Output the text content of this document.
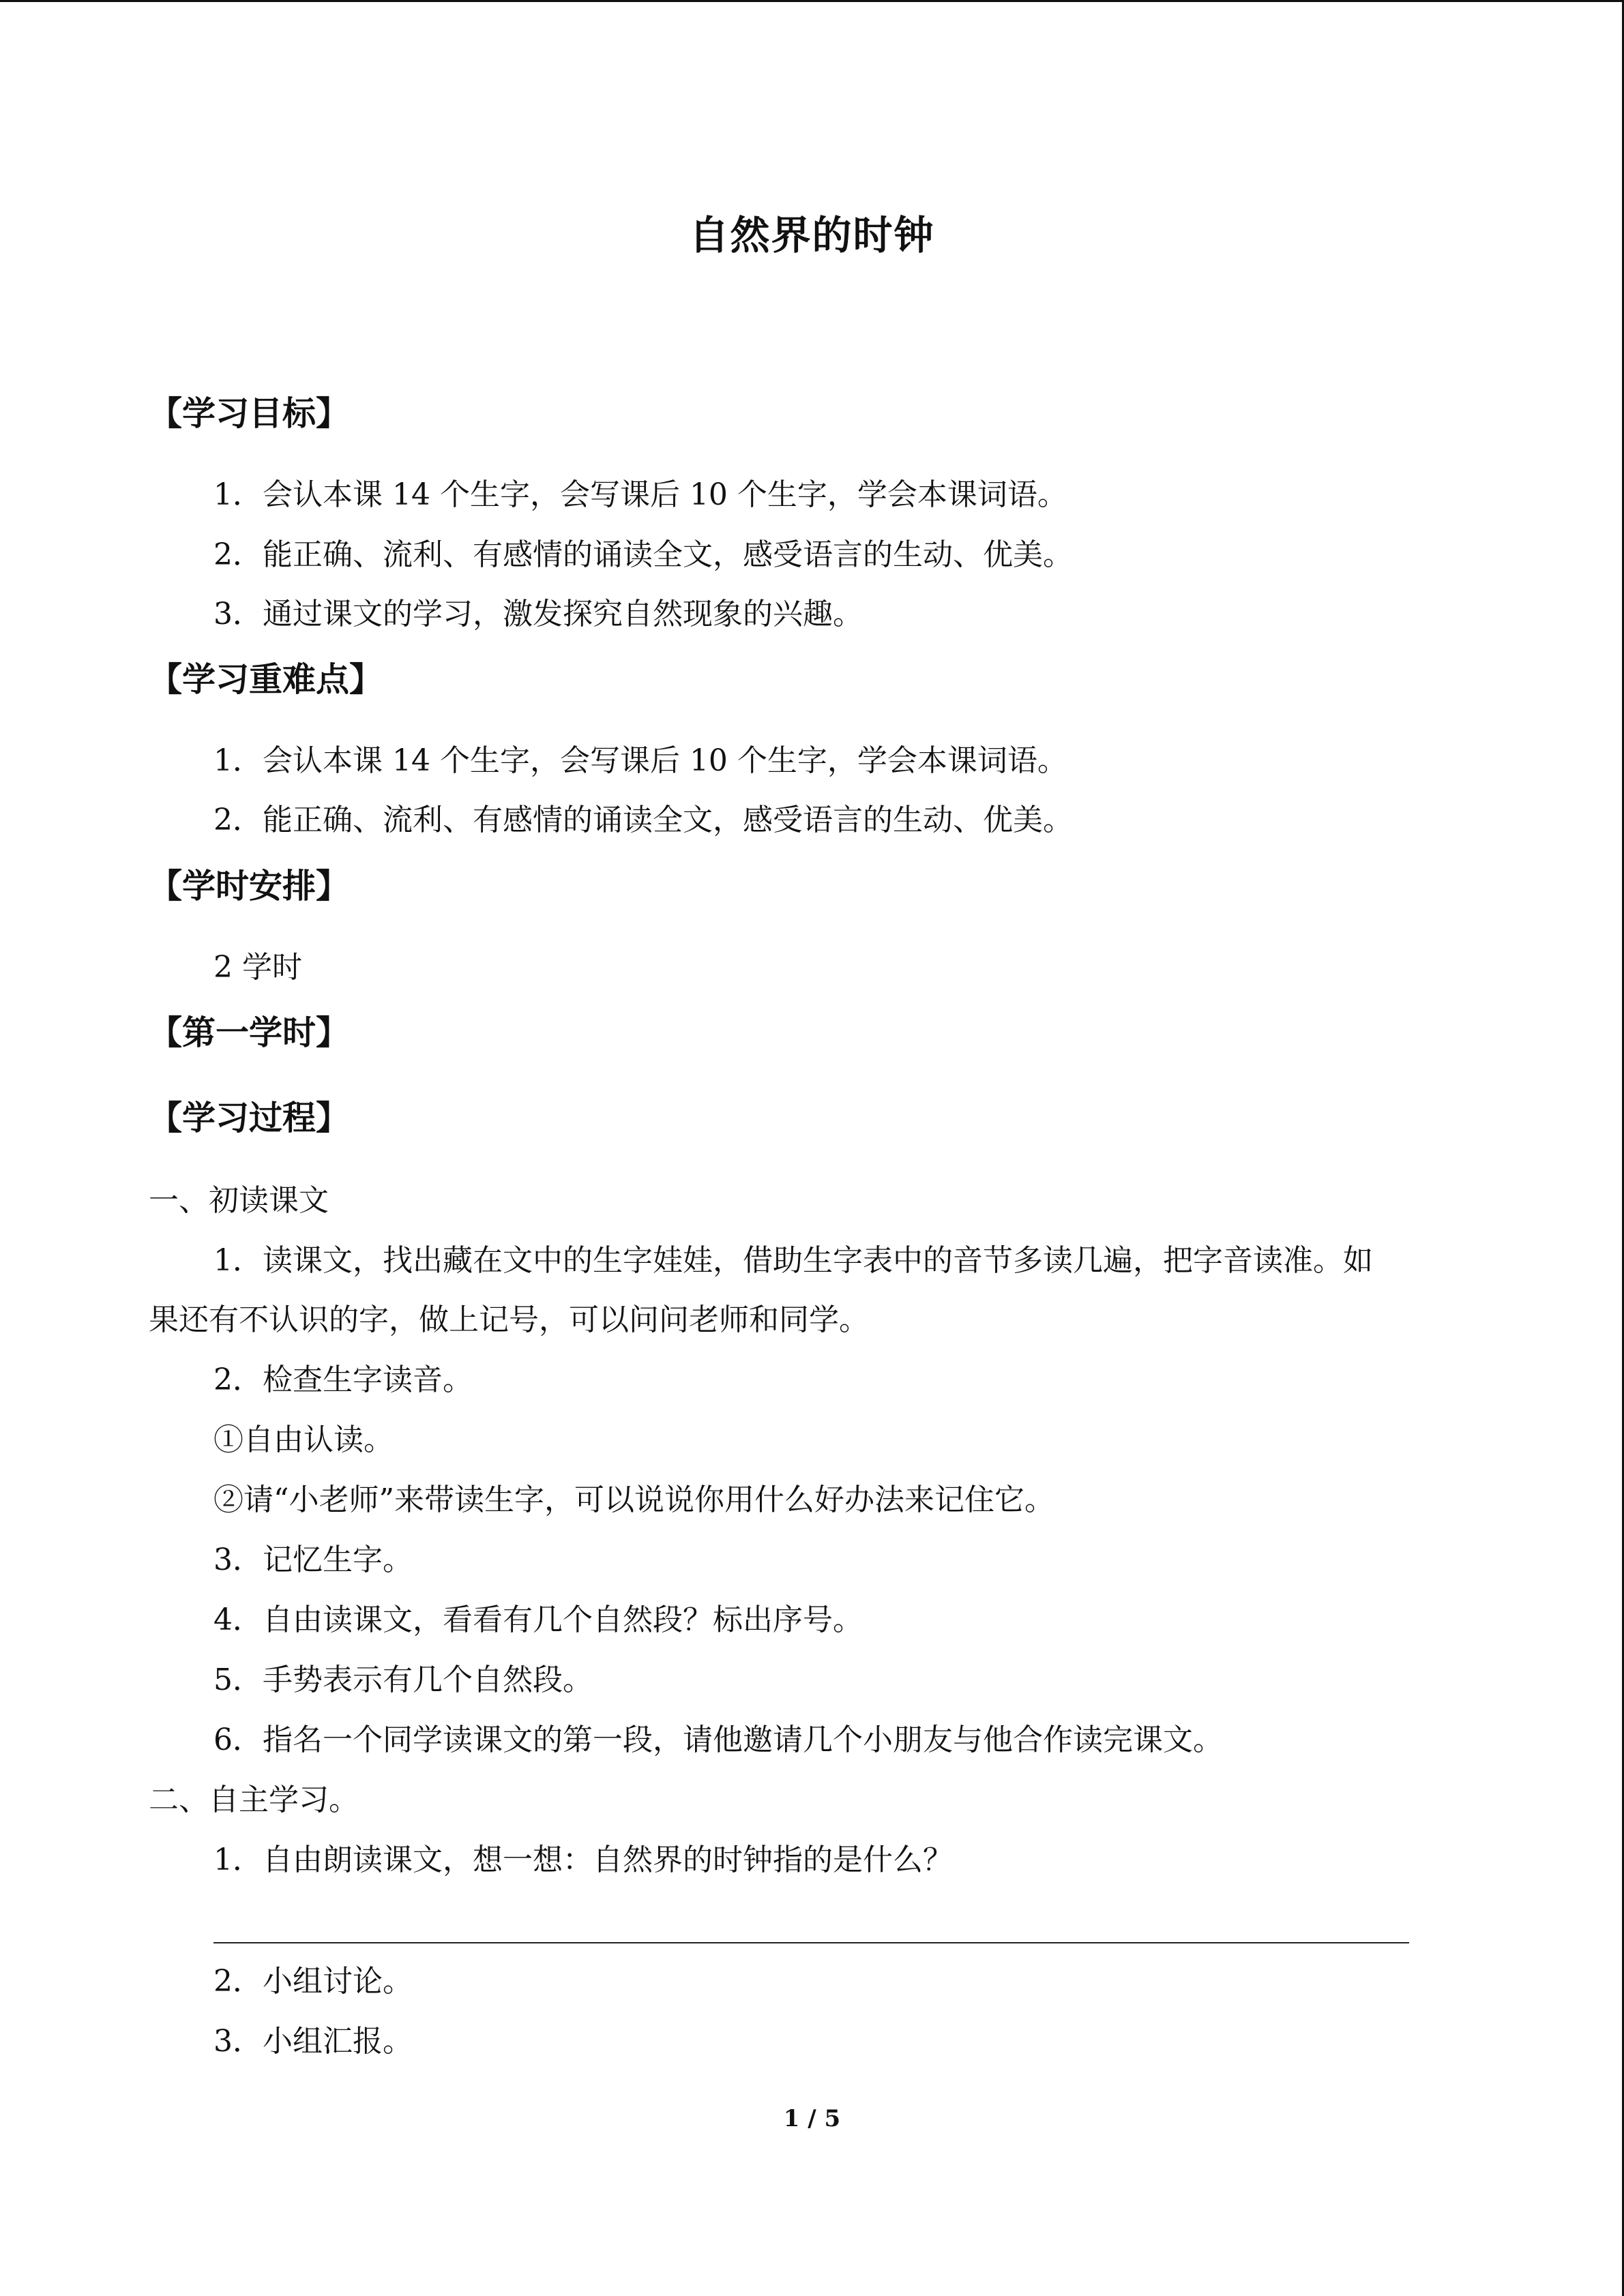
自然界的时钟
【学习目标】
1．会认本课 14 个生字，会写课后 10 个生字，学会本课词语。
2．能正确、流利、有感情的诵读全文，感受语言的生动、优美。
3．通过课文的学习，激发探究自然现象的兴趣。
【学习重难点】
1．会认本课 14 个生字，会写课后 10 个生字，学会本课词语。
2．能正确、流利、有感情的诵读全文，感受语言的生动、优美。
【学时安排】
2 学时
【第一学时】
【学习过程】
一、初读课文
1．读课文，找出藏在文中的生字娃娃，借助生字表中的音节多读几遍，把字音读准。如
果还有不认识的字，做上记号，可以问问老师和同学。
2．检查生字读音。
①自由认读。
②请“小老师”来带读生字，可以说说你用什么好办法来记住它。
3．记忆生字。
4．自由读课文，看看有几个自然段？标出序号。
5．手势表示有几个自然段。
6．指名一个同学读课文的第一段，请他邀请几个小朋友与他合作读完课文。
二、自主学习。
1．自由朗读课文，想一想：自然界的时钟指的是什么？
2．小组讨论。
3．小组汇报。
1 / 5
